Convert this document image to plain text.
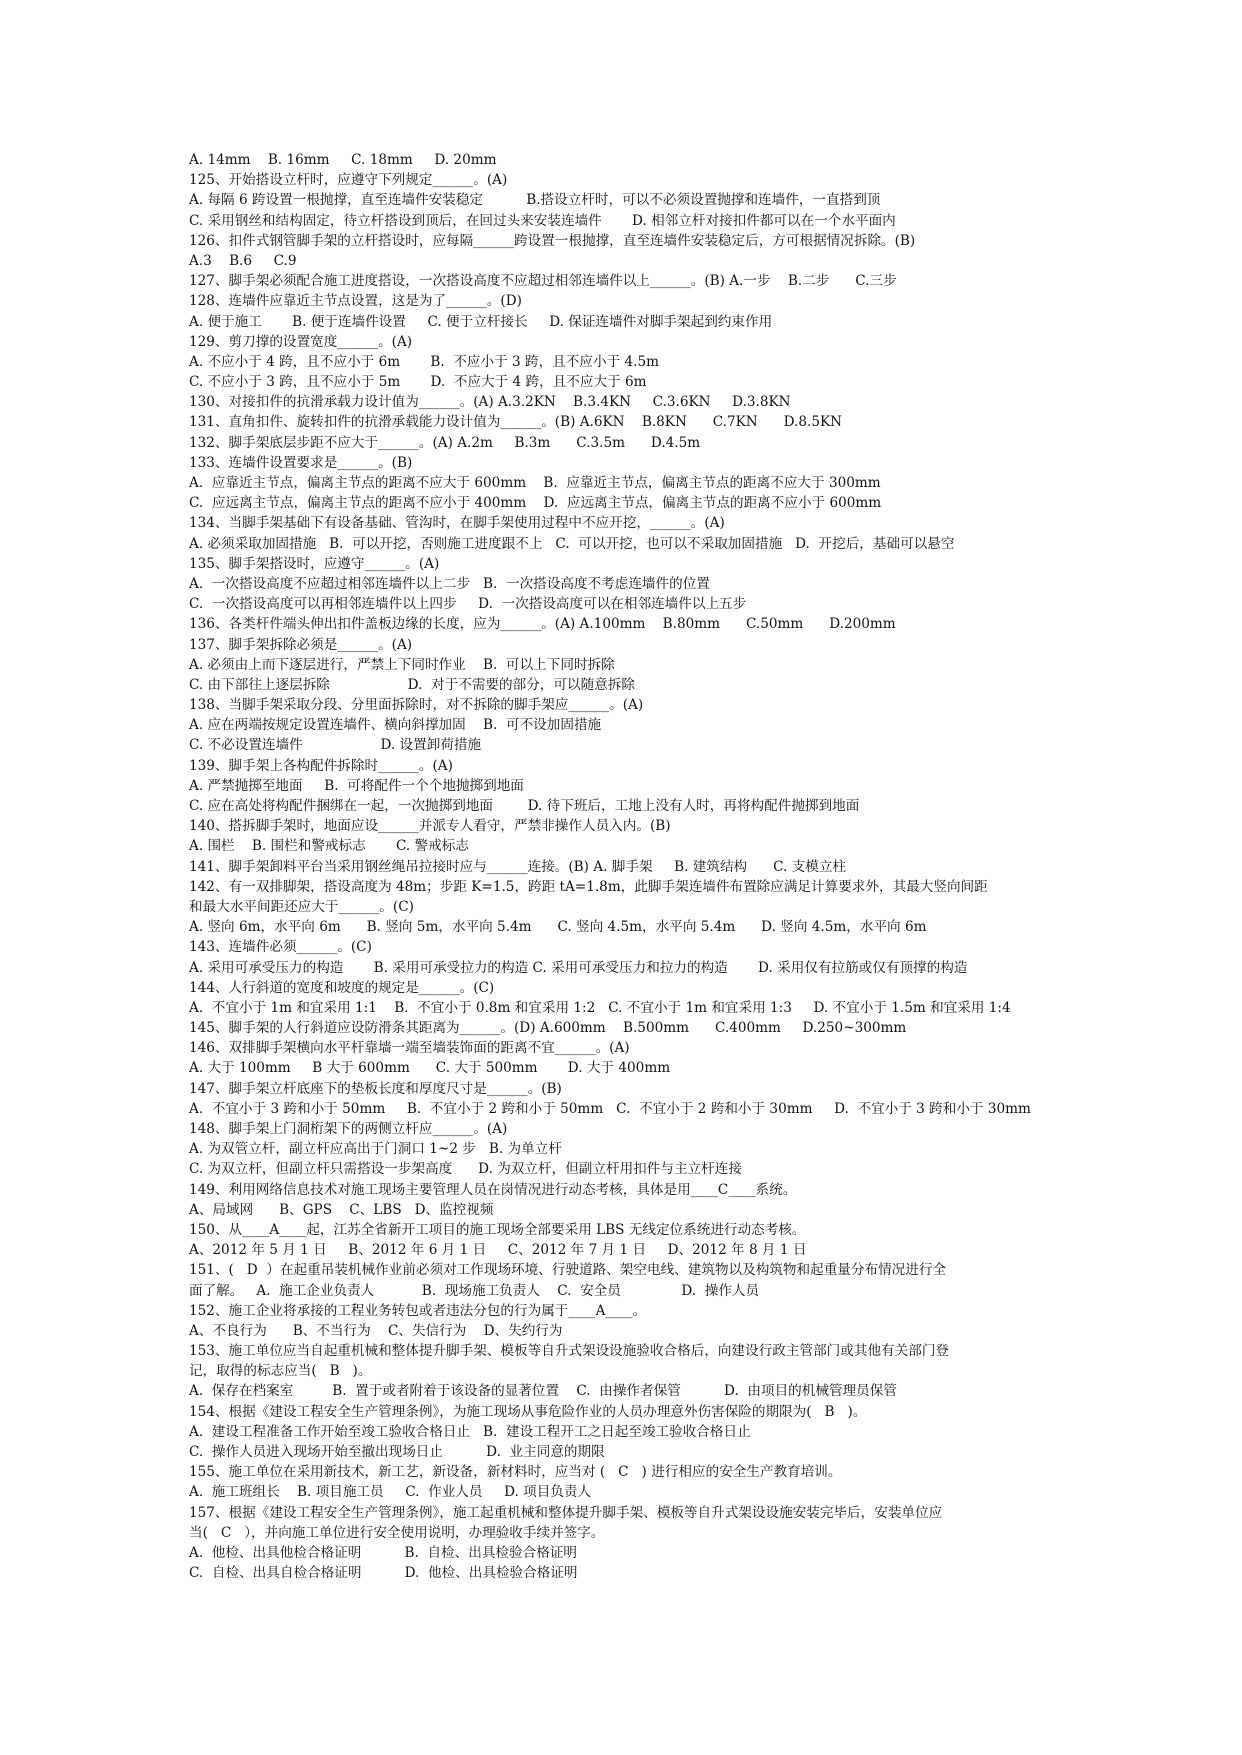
A. 14mm    B. 16mm     C. 18mm     D. 20mm
125、开始搭设立杆时，应遵守下列规定______。(A)
A. 每隔 6 跨设置一根抛撑，直至连墙件安装稳定          B.搭设立杆时，可以不必须设置抛撑和连墙件，一直搭到顶
C. 采用钢丝和结构固定，待立杆搭设到顶后，在回过头来安装连墙件       D. 相邻立杆对接扣件都可以在一个水平面内
126、扣件式钢管脚手架的立杆搭设时，应每隔______跨设置一根抛撑，直至连墙件安装稳定后，方可根据情况拆除。(B)
A.3    B.6     C.9
127、脚手架必须配合施工进度搭设，一次搭设高度不应超过相邻连墙件以上______。(B) A.一步    B.二步      C.三步
128、连墙件应靠近主节点设置，这是为了______。(D)
A. 便于施工       B. 便于连墙件设置     C. 便于立杆接长     D. 保证连墙件对脚手架起到约束作用
129、剪刀撑的设置宽度______。(A)
A. 不应小于 4 跨，且不应小于 6m       B.  不应小于 3 跨，且不应小于 4.5m
C. 不应小于 3 跨，且不应小于 5m       D.  不应大于 4 跨，且不应大于 6m
130、对接扣件的抗滑承载力设计值为______。(A) A.3.2KN    B.3.4KN     C.3.6KN     D.3.8KN
131、直角扣件、旋转扣件的抗滑承载能力设计值为______。(B) A.6KN    B.8KN      C.7KN      D.8.5KN
132、脚手架底层步距不应大于______。(A) A.2m     B.3m      C.3.5m      D.4.5m
133、连墙件设置要求是______。(B)
A.  应靠近主节点，偏离主节点的距离不应大于 600mm    B.  应靠近主节点，偏离主节点的距离不应大于 300mm
C.  应远离主节点，偏离主节点的距离不应小于 400mm    D.  应远离主节点，偏离主节点的距离不应小于 600mm
134、当脚手架基础下有设备基础、管沟时，在脚手架使用过程中不应开挖，______。(A)
A. 必须采取加固措施   B.  可以开挖，否则施工进度跟不上   C.  可以开挖，也可以不采取加固措施   D.  开挖后，基础可以悬空
135、脚手架搭设时，应遵守______。(A)
A.  一次搭设高度不应超过相邻连墙件以上二步   B.  一次搭设高度不考虑连墙件的位置
C.  一次搭设高度可以再相邻连墙件以上四步     D.  一次搭设高度可以在相邻连墙件以上五步
136、各类杆件端头伸出扣件盖板边缘的长度，应为______。(A) A.100mm    B.80mm      C.50mm      D.200mm
137、脚手架拆除必须是______。(A)
A. 必须由上而下逐层进行，严禁上下同时作业    B.  可以上下同时拆除
C. 由下部往上逐层拆除                  D.  对于不需要的部分，可以随意拆除
138、当脚手架采取分段、分里面拆除时，对不拆除的脚手架应______。(A)
A. 应在两端按规定设置连墙件、横向斜撑加固    B.  可不设加固措施
C. 不必设置连墙件                  D. 设置卸荷措施
139、脚手架上各构配件拆除时______。(A)
A. 严禁抛掷至地面     B.  可将配件一个个地抛掷到地面
C. 应在高处将构配件捆绑在一起，一次抛掷到地面        D. 待下班后，工地上没有人时，再将构配件抛掷到地面
140、搭拆脚手架时，地面应设______并派专人看守，严禁非操作人员入内。(B)
A. 围栏    B. 围栏和警戒标志       C. 警戒标志
141、脚手架卸料平台当采用钢丝绳吊拉接时应与______连接。(B) A. 脚手架     B. 建筑结构      C. 支模立柱
142、有一双排脚架，搭设高度为 48m；步距 K=1.5，跨距 tA=1.8m，此脚手架连墙件布置除应满足计算要求外，其最大竖向间距
和最大水平间距还应大于______。(C)
A. 竖向 6m，水平向 6m      B. 竖向 5m，水平向 5.4m      C. 竖向 4.5m，水平向 5.4m      D. 竖向 4.5m，水平向 6m
143、连墙件必须______。(C)
A. 采用可承受压力的构造       B. 采用可承受拉力的构造 C. 采用可承受压力和拉力的构造       D. 采用仅有拉筋或仅有顶撑的构造
144、人行斜道的宽度和坡度的规定是______。(C)
A.  不宜小于 1m 和宜采用 1:1    B.  不宜小于 0.8m 和宜采用 1:2   C. 不宜小于 1m 和宜采用 1:3     D. 不宜小于 1.5m 和宜采用 1:4
145、脚手架的人行斜道应设防滑条其距离为______。(D) A.600mm    B.500mm      C.400mm     D.250~300mm
146、双排脚手架横向水平杆靠墙一端至墙装饰面的距离不宜______。(A)
A. 大于 100mm     B 大于 600mm      C. 大于 500mm       D. 大于 400mm
147、脚手架立杆底座下的垫板长度和厚度尺寸是______。(B)
A.  不宜小于 3 跨和小于 50mm     B.  不宜小于 2 跨和小于 50mm   C.  不宜小于 2 跨和小于 30mm     D.  不宜小于 3 跨和小于 30mm
148、脚手架上门洞桁架下的两侧立杆应______。(A)
A. 为双管立杆，副立杆应高出于门洞口 1~2 步   B. 为单立杆
C. 为双立杆，但副立杆只需搭设一步架高度      D. 为双立杆，但副立杆用扣件与主立杆连接
149、利用网络信息技术对施工现场主要管理人员在岗情况进行动态考核，具体是用____C____系统。
A、局域网      B、GPS    C、LBS   D、监控视频
150、从____A____起，江苏全省新开工项目的施工现场全部要采用 LBS 无线定位系统进行动态考核。
A、2012 年 5 月 1 日     B、2012 年 6 月 1 日     C、2012 年 7 月 1 日     D、2012 年 8 月 1 日
151、(   D  ）在起重吊装机械作业前必须对工作现场环境、行驶道路、架空电线、建筑物以及构筑物和起重量分布情况进行全
面了解。   A.  施工企业负责人           B.  现场施工负责人    C.  安全员              D.  操作人员
152、施工企业将承接的工程业务转包或者违法分包的行为属于____A____。
A、不良行为      B、不当行为    C、失信行为    D、失约行为
153、施工单位应当自起重机械和整体提升脚手架、模板等自升式架设设施验收合格后，向建设行政主管部门或其他有关部门登
记，取得的标志应当(   B   )。
A.  保存在档案室         B.  置于或者附着于该设备的显著位置    C.  由操作者保管          D.  由项目的机械管理员保管
154、根据《建设工程安全生产管理条例》，为施工现场从事危险作业的人员办理意外伤害保险的期限为(   B   )。
A.  建设工程准备工作开始至竣工验收合格日止   B.  建设工程开工之日起至竣工验收合格日止
C.  操作人员进入现场开始至撤出现场日止          D.  业主同意的期限
155、施工单位在采用新技术，新工艺，新设备，新材料时，应当对 (   C   ) 进行相应的安全生产教育培训。
A.  施工班组长    B. 项目施工员     C.  作业人员     D. 项目负责人
157、根据《建设工程安全生产管理条例》，施工起重机械和整体提升脚手架、模板等自升式架设设施安装完毕后，安装单位应
当(   C   ），并向施工单位进行安全使用说明，办理验收手续并签字。
A.  他检、出具他检合格证明          B.  自检、出具检验合格证明
C.  自检、出具自检合格证明          D.  他检、出具检验合格证明
